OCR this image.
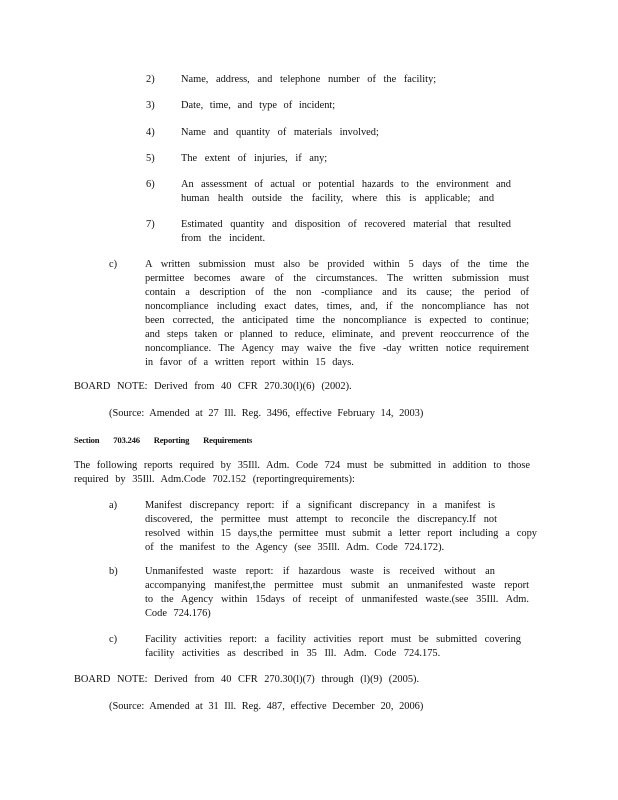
2)	Name, address, and telephone number of the facility;
3)	Date, time, and type of incident;
4)	Name and quantity of materials involved;
5)	The extent of injuries, if any;
6)	An assessment of actual or potential hazards to the environment and
human health outside the facility, where this is applicable; and
7)	Estimated quantity and disposition of recovered material that resulted
from the incident.
c)	A written submission must also be provided within 5 days of the time the
permittee becomes aware of the circumstances. The written submission must
contain a description of the non -compliance and its cause; the period of
noncompliance including exact dates, times, and, if the noncompliance has not
been corrected, the anticipated time the noncompliance is expected to continue;
and steps taken or planned to reduce, eliminate, and prevent reoccurrence of the
noncompliance. The Agency may waive the five -day written notice requirement
in favor of a written report within 15 days.
BOARD NOTE: Derived from 40 CFR 270.30(l)(6) (2002).
(Source: Amended at 27 Ill. Reg. 3496, effective February 14, 2003)
Section 703.246 Reporting Requirements
The following reports required by 35Ill. Adm. Code 724 must be submitted in addition to those
required by 35Ill. Adm.Code 702.152 (reportingrequirements):
a)	Manifest discrepancy report: if a significant discrepancy in a manifest is
discovered, the permittee must attempt to reconcile the discrepancy.If not
resolved within 15 days,the permittee must submit a letter report including a copy
of the manifest to the Agency (see 35Ill. Adm. Code 724.172).
b)	Unmanifested waste report: if hazardous waste is received without an
accompanying manifest,the permittee must submit an unmanifested waste report
to the Agency within 15days of receipt of unmanifested waste.(see 35Ill. Adm.
Code 724.176)
c)	Facility activities report: a facility activities report must be submitted covering
facility activities as described in 35 Ill. Adm. Code 724.175.
BOARD NOTE: Derived from 40 CFR 270.30(l)(7) through (l)(9) (2005).
(Source: Amended at 31 Ill. Reg. 487, effective December 20, 2006)
